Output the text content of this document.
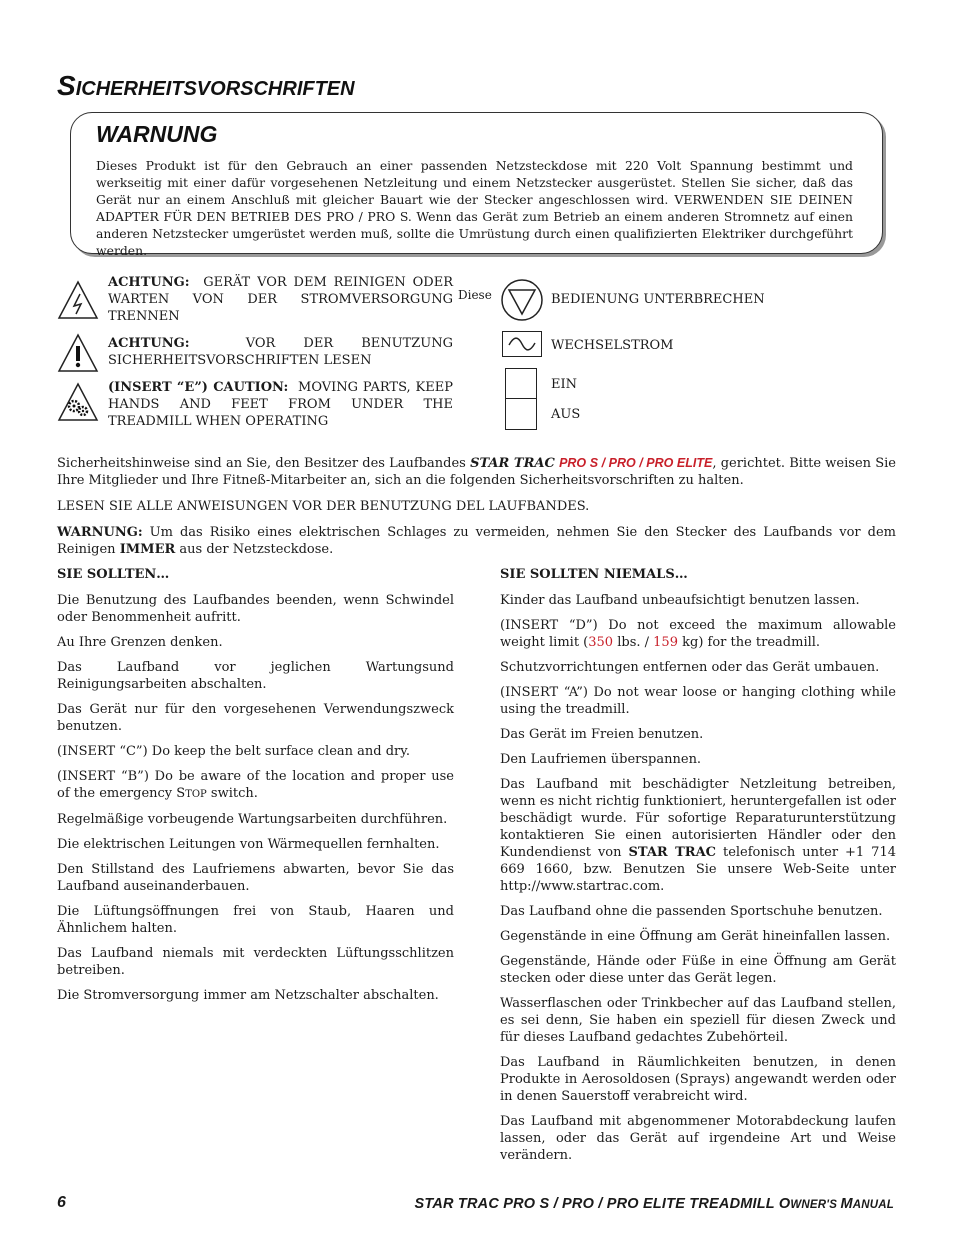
SICHERHEITSVORSCHRIFTEN
WARNUNG

Dieses Produkt ist für den Gebrauch an einer passenden Netzsteckdose mit 220 Volt Spannung bestimmt und werkseitig mit einer dafür vorgesehenen Netzleitung und einem Netzstecker ausgerüstet. Stellen Sie sicher, daß das Gerät nur an einem Anschluß mit gleicher Bauart wie der Stecker angeschlossen wird. VERWENDEN SIE DEINEN ADAPTER FÜR DEN BETRIEB DES PRO / PRO S. Wenn das Gerät zum Betrieb an einem anderen Stromnetz auf einen anderen Netzstecker umgerüstet werden muß, sollte die Umrüstung durch einen qualifizierten Elektriker durchgeführt werden.

ACHTUNG: GERÄT VOR DEM REINIGEN ODER WARTEN VON DER STROMVERSORGUNG TRENNEN

ACHTUNG:	VOR DER BENUTZUNG SICHERHEITSVORSCHRIFTEN LESEN

(INSERT “E”) CAUTION: MOVING PARTS, KEEP HANDS AND FEET FROM UNDER THE TREADMILL WHEN OPERATING

Diese	BEDIENUNG UNTERBRECHEN

WECHSELSTROM

EIN

AUS

Sicherheitshinweise sind an Sie, den Besitzer des Laufbandes STAR TRAC PRO S / PRO / PRO ELITE, gerichtet. Bitte weisen Sie Ihre Mitglieder und Ihre Fitneß-Mitarbeiter an, sich an die folgenden Sicherheitsvorschriften zu halten.

LESEN SIE ALLE ANWEISUNGEN VOR DER BENUTZUNG DEL LAUFBANDES.

WARNUNG: Um das Risiko eines elektrischen Schlages zu vermeiden, nehmen Sie den Stecker des Laufbands vor dem Reinigen IMMER aus der Netzsteckdose.

SIE SOLLTEN…

Die Benutzung des Laufbandes beenden, wenn Schwindel oder Benommenheit aufritt.

Au Ihre Grenzen denken.

Das Laufband vor jeglichen Wartungsund Reinigungsarbeiten abschalten.

Das Gerät nur für den vorgesehenen Verwendungszweck benutzen.

(INSERT “C”) Do keep the belt surface clean and dry.

(INSERT “B”) Do be aware of the location and proper use of the emergency STOP switch.

Regelmäßige vorbeugende Wartungsarbeiten durchführen.

Die elektrischen Leitungen von Wärmequellen fernhalten.

Den Stillstand des Laufriemens abwarten, bevor Sie das Laufband auseinanderbauen.

Die Lüftungsöffnungen frei von Staub, Haaren und Ähnlichem halten.

Das Laufband niemals mit verdeckten Lüftungsschlitzen betreiben.

Die Stromversorgung immer am Netzschalter abschalten.

SIE SOLLTEN NIEMALS…

Kinder das Laufband unbeaufsichtigt benutzen lassen.

(INSERT “D”) Do not exceed the maximum allowable weight limit (350 lbs. / 159 kg) for the treadmill.

Schutzvorrichtungen entfernen oder das Gerät umbauen.

(INSERT “A”) Do not wear loose or hanging clothing while using the treadmill.

Das Gerät im Freien benutzen.

Den Laufriemen überspannen.

Das Laufband mit beschädigter Netzleitung betreiben, wenn es nicht richtig funktioniert, heruntergefallen ist oder beschädigt wurde. Für sofortige Reparaturunterstützung kontaktieren Sie einen autorisierten Händler oder den Kundendienst von STAR TRAC telefonisch unter +1 714 669 1660, bzw. Benutzen Sie unsere Web-Seite unter http://www.startrac.com.

Das Laufband ohne die passenden Sportschuhe benutzen.

Gegenstände in eine Öffnung am Gerät hineinfallen lassen.

Gegenstände, Hände oder Füße in eine Öffnung am Gerät stecken oder diese unter das Gerät legen.

Wasserflaschen oder Trinkbecher auf das Laufband stellen, es sei denn, Sie haben ein speziell für diesen Zweck und für dieses Laufband gedachtes Zubehörteil.

Das Laufband in Räumlichkeiten benutzen, in denen Produkte in Aerosoldosen (Sprays) angewandt werden oder in denen Sauerstoff verabreicht wird.

Das Laufband mit abgenommener Motorabdeckung laufen lassen, oder das Gerät auf irgendeine Art und Weise verändern.

6	STAR TRAC PRO S / PRO / PRO ELITE TREADMILL OWNER'S MANUAL
